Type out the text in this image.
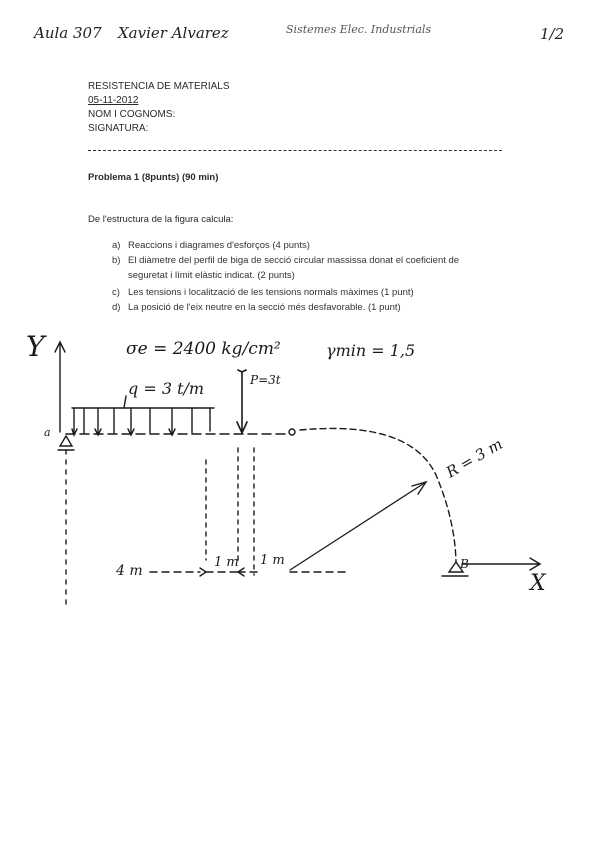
Aula 307 Xavier Alvarez	Sistemes Elec. Industrials	1/2
RESISTENCIA DE MATERIALS
05-11-2012
NOM I COGNOMS:
SIGNATURA:
Problema 1 (8punts) (90 min)
De l'estructura de la figura calcula:
a) Reaccions i diagrames d'esforços (4 punts)
b) El diàmetre del perfil de biga de secció circular massissa donat el coeficient de
seguretat i límit elàstic indicat. (2 punts)
c) Les tensions i localització de les tensions normals màximes (1 punt)
d) La posició de l'eix neutre en la secció més desfavorable. (1 punt)
σe = 2400 kg/cm²	γmin = 1,5
Y
X
q = 3 t/m	P=3t
R = 3 m
a
B
4 m
1 m 1 m
